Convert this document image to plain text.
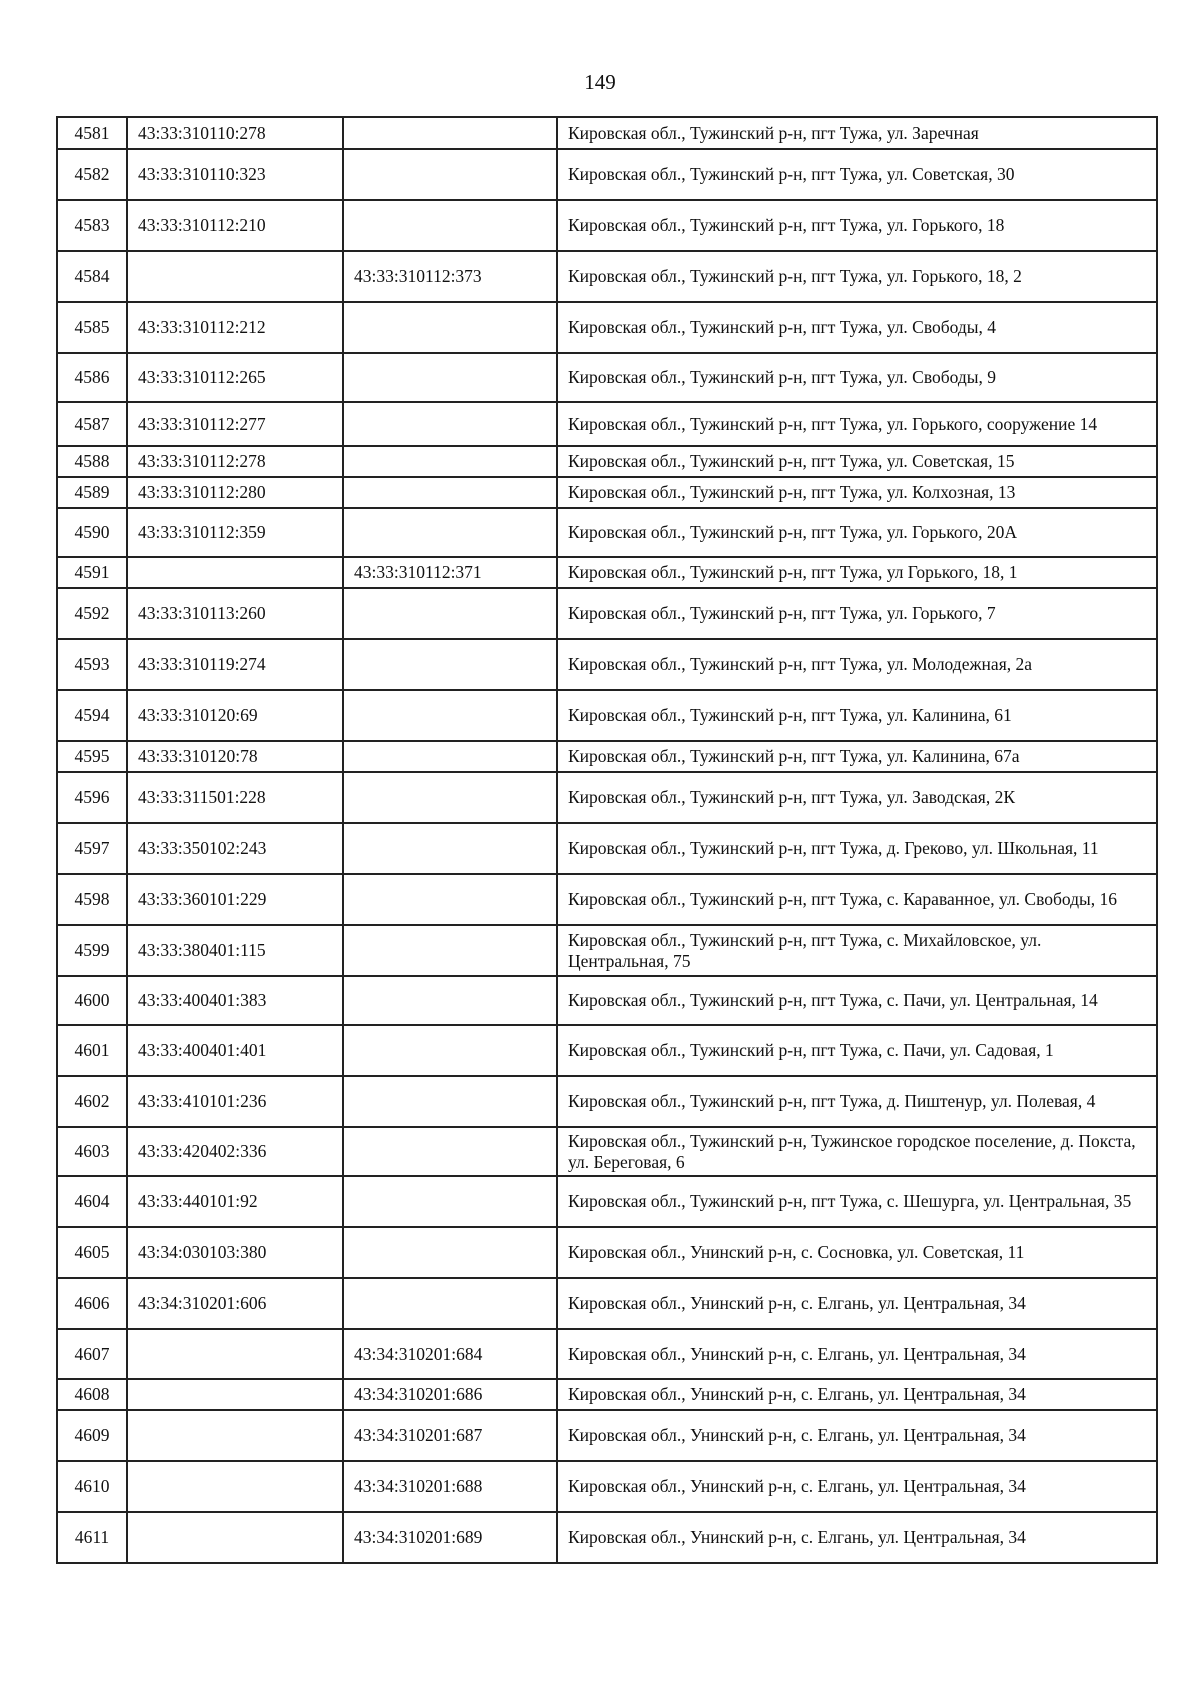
149
4581	43:33:310110:278		Кировская обл., Тужинский р-н, пгт Тужа, ул. Заречная
4582	43:33:310110:323		Кировская обл., Тужинский р-н, пгт Тужа, ул. Советская, 30
4583	43:33:310112:210		Кировская обл., Тужинский р-н, пгт Тужа, ул. Горького, 18
4584		43:33:310112:373	Кировская обл., Тужинский р-н, пгт Тужа, ул. Горького, 18, 2
4585	43:33:310112:212		Кировская обл., Тужинский р-н, пгт Тужа, ул. Свободы, 4
4586	43:33:310112:265		Кировская обл., Тужинский р-н, пгт Тужа, ул. Свободы, 9
4587	43:33:310112:277		Кировская обл., Тужинский р-н, пгт Тужа, ул. Горького, сооружение 14
4588	43:33:310112:278		Кировская обл., Тужинский р-н, пгт Тужа, ул. Советская, 15
4589	43:33:310112:280		Кировская обл., Тужинский р-н, пгт Тужа, ул. Колхозная, 13
4590	43:33:310112:359		Кировская обл., Тужинский р-н, пгт Тужа, ул. Горького, 20А
4591		43:33:310112:371	Кировская обл., Тужинский р-н, пгт Тужа, ул Горького, 18, 1
4592	43:33:310113:260		Кировская обл., Тужинский р-н, пгт Тужа, ул. Горького, 7
4593	43:33:310119:274		Кировская обл., Тужинский р-н, пгт Тужа, ул. Молодежная, 2а
4594	43:33:310120:69		Кировская обл., Тужинский р-н, пгт Тужа, ул. Калинина, 61
4595	43:33:310120:78		Кировская обл., Тужинский р-н, пгт Тужа, ул. Калинина, 67а
4596	43:33:311501:228		Кировская обл., Тужинский р-н, пгт Тужа, ул. Заводская, 2К
4597	43:33:350102:243		Кировская обл., Тужинский р-н, пгт Тужа, д. Греково, ул. Школьная, 11
4598	43:33:360101:229		Кировская обл., Тужинский р-н, пгт Тужа, с. Караванное, ул. Свободы, 16
4599	43:33:380401:115		Кировская обл., Тужинский р-н, пгт Тужа, с. Михайловское, ул. Центральная, 75
4600	43:33:400401:383		Кировская обл., Тужинский р-н, пгт Тужа, с. Пачи, ул. Центральная, 14
4601	43:33:400401:401		Кировская обл., Тужинский р-н, пгт Тужа, с. Пачи, ул. Садовая, 1
4602	43:33:410101:236		Кировская обл., Тужинский р-н, пгт Тужа, д. Пиштенур, ул. Полевая, 4
4603	43:33:420402:336		Кировская обл., Тужинский р-н, Тужинское городское поселение, д. Покста, ул. Береговая, 6
4604	43:33:440101:92		Кировская обл., Тужинский р-н, пгт Тужа, с. Шешурга, ул. Центральная, 35
4605	43:34:030103:380		Кировская обл., Унинский р-н, с. Сосновка, ул. Советская, 11
4606	43:34:310201:606		Кировская обл., Унинский р-н, с. Елгань, ул. Центральная, 34
4607		43:34:310201:684	Кировская обл., Унинский р-н, с. Елгань, ул. Центральная, 34
4608		43:34:310201:686	Кировская обл., Унинский р-н, с. Елгань, ул. Центральная, 34
4609		43:34:310201:687	Кировская обл., Унинский р-н, с. Елгань, ул. Центральная, 34
4610		43:34:310201:688	Кировская обл., Унинский р-н, с. Елгань, ул. Центральная, 34
4611		43:34:310201:689	Кировская обл., Унинский р-н, с. Елгань, ул. Центральная, 34
